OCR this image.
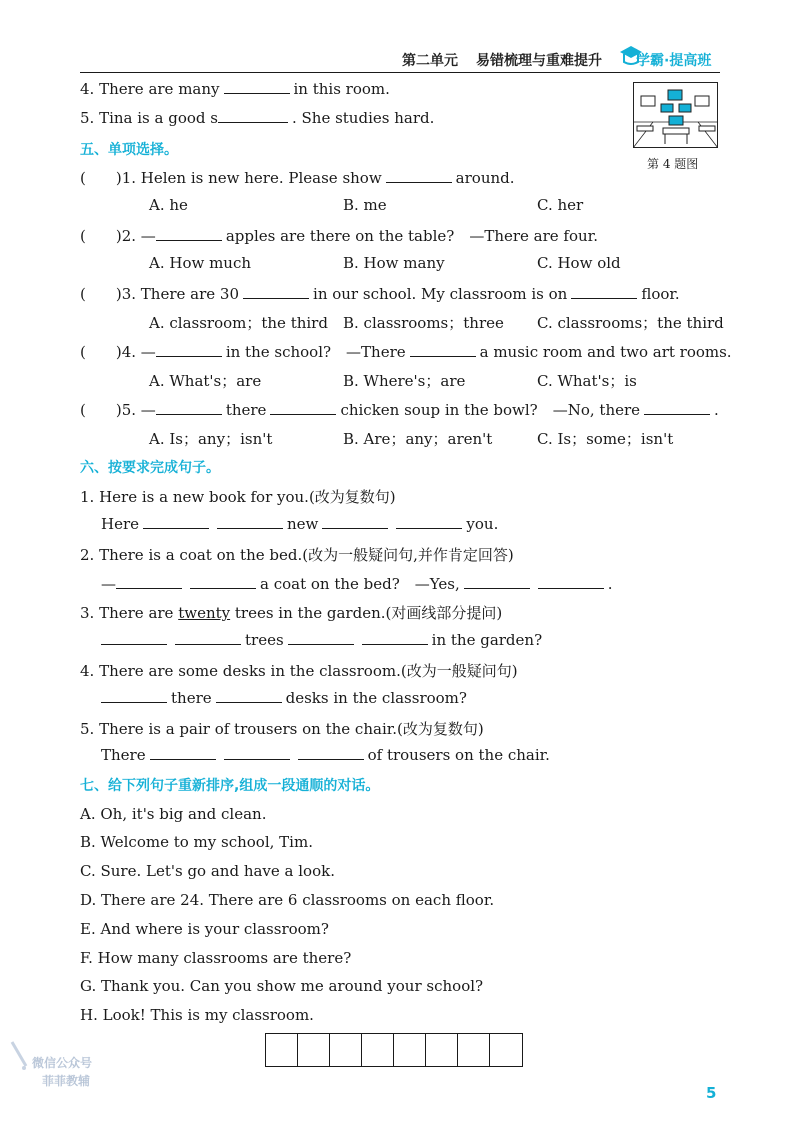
第二单元 易错梳理与重难提升 学霸·提高班
4. There are many	in this room.
5. Tina is a good s	. She studies hard.
第 4 题图
五、单项选择。
(　　)1. Helen is new here. Please show	around.
A. he	B. me	C. her
(　　)2. —	apples are there on the table?　—There are four.
A. How much	B. How many	C. How old
(　　)3. There are 30	in our school. My classroom is on	floor.
A. classroom；the third B. classrooms；three C. classrooms；the third
(　　)4. —	in the school?　—There	a music room and two art rooms.
A. What's；are	B. Where's；are	C. What's；is
(　　)5. —	there	chicken soup in the bowl?　—No, there	.
A. Is；any；isn't	B. Are；any；aren't	C. Is；some；isn't
六、按要求完成句子。
1. Here is a new book for you.(改为复数句)
Here	new	you.
2. There is a coat on the bed.(改为一般疑问句,并作肯定回答)
—	a coat on the bed?　—Yes,	.
3. There are twenty trees in the garden.(对画线部分提问)
trees	in the garden?
4. There are some desks in the classroom.(改为一般疑问句)
there	desks in the classroom?
5. There is a pair of trousers on the chair.(改为复数句)
There	of trousers on the chair.
七、给下列句子重新排序,组成一段通顺的对话。
A. Oh, it's big and clean.
B. Welcome to my school, Tim.
C. Sure. Let's go and have a look.
D. There are 24. There are 6 classrooms on each floor.
E. And where is your classroom?
F. How many classrooms are there?
G. Thank you. Can you show me around your school?
H. Look! This is my classroom.
微信公众号
菲菲教辅
5
